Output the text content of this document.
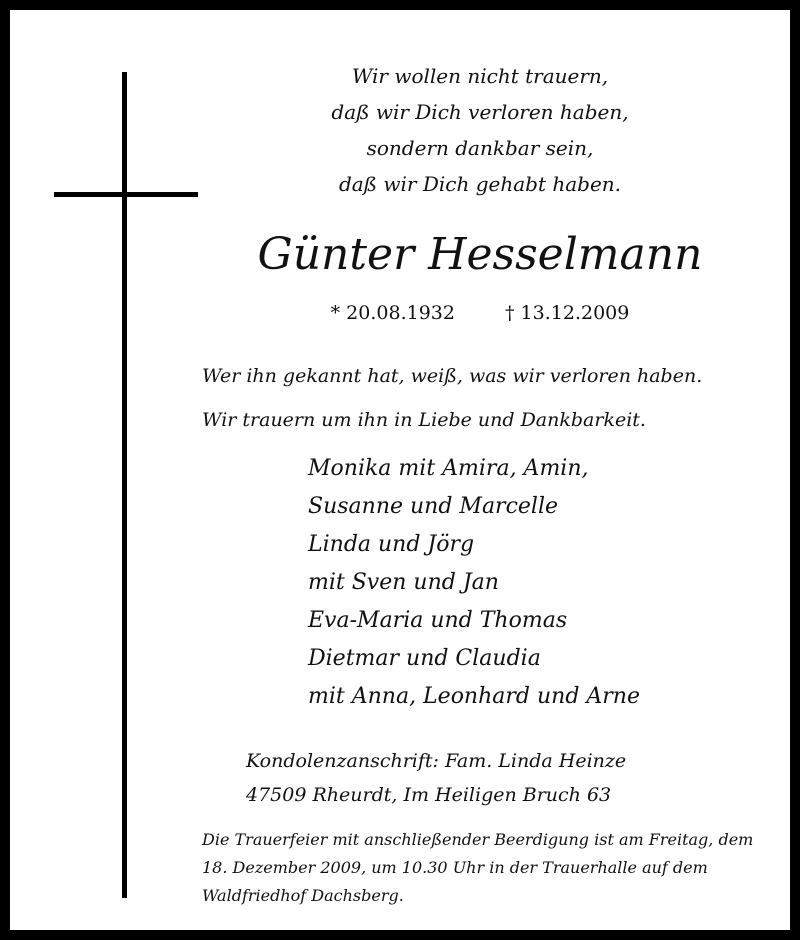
Wir wollen nicht trauern,
daß wir Dich verloren haben,
sondern dankbar sein,
daß wir Dich gehabt haben.
Günter Hesselmann
* 20.08.1932	† 13.12.2009
Wer ihn gekannt hat, weiß, was wir verloren haben.
Wir trauern um ihn in Liebe und Dankbarkeit.
Monika mit Amira, Amin,
Susanne und Marcelle
Linda und Jörg
mit Sven und Jan
Eva-Maria und Thomas
Dietmar und Claudia
mit Anna, Leonhard und Arne
Kondolenzanschrift: Fam. Linda Heinze
47509 Rheurdt, Im Heiligen Bruch 63
Die Trauerfeier mit anschließender Beerdigung ist am Freitag, dem
18. Dezember 2009, um 10.30 Uhr in der Trauerhalle auf dem
Waldfriedhof Dachsberg.
